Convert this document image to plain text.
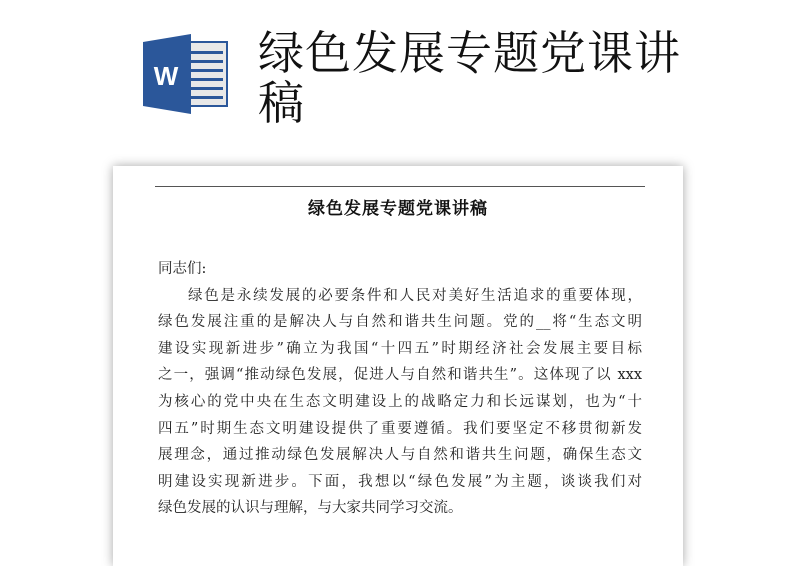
W 绿色发展专题党课讲稿
绿色发展专题党课讲稿
同志们:
绿色是永续发展的必要条件和人民对美好生活追求的重要体现，
绿色发展注重的是解决人与自然和谐共生问题。党的__将“生态文明
建设实现新进步”确立为我国“十四五”时期经济社会发展主要目标
之一，强调“推动绿色发展，促进人与自然和谐共生”。这体现了以 xxx
为核心的党中央在生态文明建设上的战略定力和长远谋划，也为“十
四五”时期生态文明建设提供了重要遵循。我们要坚定不移贯彻新发
展理念，通过推动绿色发展解决人与自然和谐共生问题，确保生态文
明建设实现新进步。下面，我想以“绿色发展”为主题，谈谈我们对
绿色发展的认识与理解，与大家共同学习交流。
